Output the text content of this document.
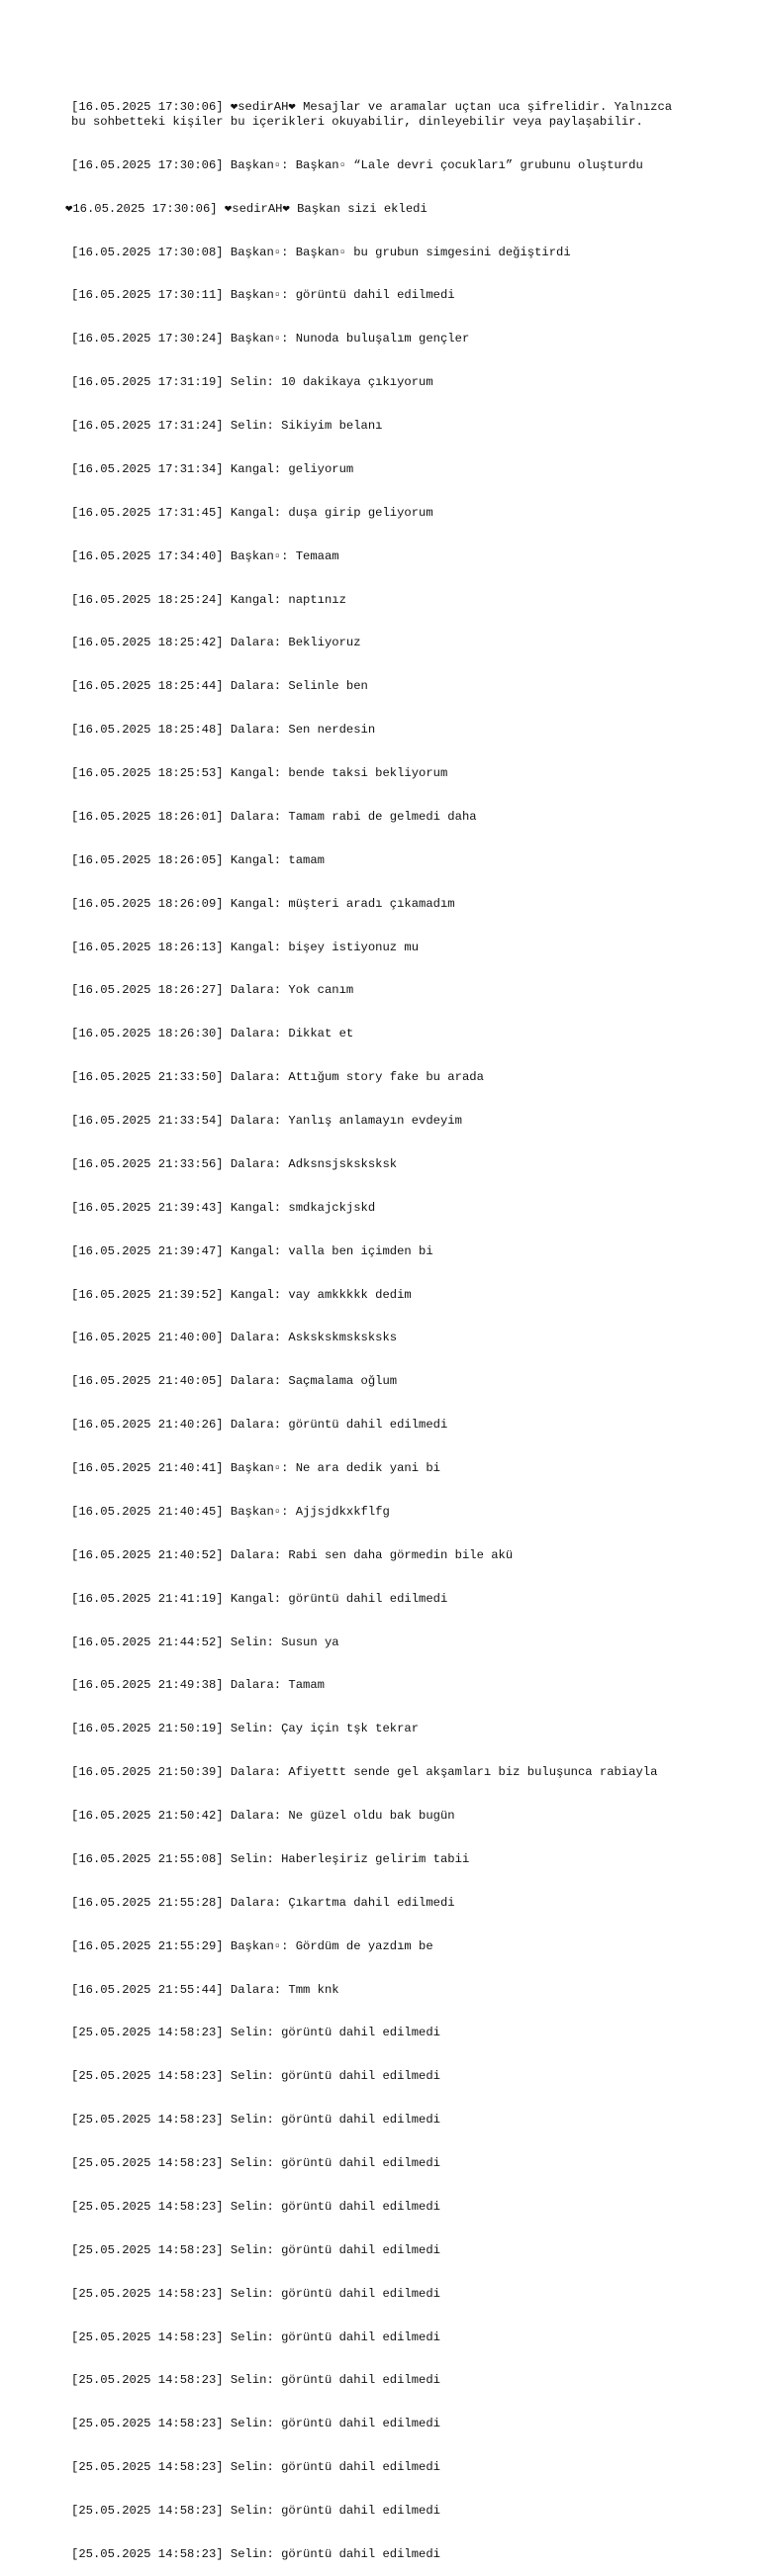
[16.05.2025 17:30:06] ❤sedirAH❤ Mesajlar ve aramalar uçtan uca şifrelidir. Yalnızca bu sohbetteki kişiler bu içerikleri okuyabilir, dinleyebilir veya paylaşabilir.

[16.05.2025 17:30:06] Başkan▫: Başkan▫ “Lale devri çocukları” grubunu oluşturdu

❤16.05.2025 17:30:06] ❤sedirAH❤ Başkan sizi ekledi

[16.05.2025 17:30:08] Başkan▫: Başkan▫ bu grubun simgesini değiştirdi

[16.05.2025 17:30:11] Başkan▫: görüntü dahil edilmedi

[16.05.2025 17:30:24] Başkan▫: Nunoda buluşalım gençler

[16.05.2025 17:31:19] Selin: 10 dakikaya çıkıyorum

[16.05.2025 17:31:24] Selin: Sikiyim belanı

[16.05.2025 17:31:34] Kangal: geliyorum

[16.05.2025 17:31:45] Kangal: duşa girip geliyorum

[16.05.2025 17:34:40] Başkan▫: Temaam

[16.05.2025 18:25:24] Kangal: naptınız

[16.05.2025 18:25:42] Dalara: Bekliyoruz

[16.05.2025 18:25:44] Dalara: Selinle ben

[16.05.2025 18:25:48] Dalara: Sen nerdesin

[16.05.2025 18:25:53] Kangal: bende taksi bekliyorum

[16.05.2025 18:26:01] Dalara: Tamam rabi de gelmedi daha

[16.05.2025 18:26:05] Kangal: tamam

[16.05.2025 18:26:09] Kangal: müşteri aradı çıkamadım

[16.05.2025 18:26:13] Kangal: bişey istiyonuz mu

[16.05.2025 18:26:27] Dalara: Yok canım

[16.05.2025 18:26:30] Dalara: Dikkat et

[16.05.2025 21:33:50] Dalara: Attığum story fake bu arada

[16.05.2025 21:33:54] Dalara: Yanlış anlamayın evdeyim

[16.05.2025 21:33:56] Dalara: Adksnsjsksksksk

[16.05.2025 21:39:43] Kangal: smdkajckjskd

[16.05.2025 21:39:47] Kangal: valla ben içimden bi

[16.05.2025 21:39:52] Kangal: vay amkkkkk dedim

[16.05.2025 21:40:00] Dalara: Askskskmsksksks

[16.05.2025 21:40:05] Dalara: Saçmalama oğlum

[16.05.2025 21:40:26] Dalara: görüntü dahil edilmedi

[16.05.2025 21:40:41] Başkan▫: Ne ara dedik yani bi

[16.05.2025 21:40:45] Başkan▫: Ajjsjdkxkflfg

[16.05.2025 21:40:52] Dalara: Rabi sen daha görmedin bile akü

[16.05.2025 21:41:19] Kangal: görüntü dahil edilmedi

[16.05.2025 21:44:52] Selin: Susun ya

[16.05.2025 21:49:38] Dalara: Tamam

[16.05.2025 21:50:19] Selin: Çay için tşk tekrar

[16.05.2025 21:50:39] Dalara: Afiyettt sende gel akşamları biz buluşunca rabiayla

[16.05.2025 21:50:42] Dalara: Ne güzel oldu bak bugün

[16.05.2025 21:55:08] Selin: Haberleşiriz gelirim tabii

[16.05.2025 21:55:28] Dalara: Çıkartma dahil edilmedi

[16.05.2025 21:55:29] Başkan▫: Gördüm de yazdım be

[16.05.2025 21:55:44] Dalara: Tmm knk

[25.05.2025 14:58:23] Selin: görüntü dahil edilmedi

[25.05.2025 14:58:23] Selin: görüntü dahil edilmedi

[25.05.2025 14:58:23] Selin: görüntü dahil edilmedi

[25.05.2025 14:58:23] Selin: görüntü dahil edilmedi

[25.05.2025 14:58:23] Selin: görüntü dahil edilmedi

[25.05.2025 14:58:23] Selin: görüntü dahil edilmedi

[25.05.2025 14:58:23] Selin: görüntü dahil edilmedi

[25.05.2025 14:58:23] Selin: görüntü dahil edilmedi

[25.05.2025 14:58:23] Selin: görüntü dahil edilmedi

[25.05.2025 14:58:23] Selin: görüntü dahil edilmedi

[25.05.2025 14:58:23] Selin: görüntü dahil edilmedi

[25.05.2025 14:58:23] Selin: görüntü dahil edilmedi

[25.05.2025 14:58:23] Selin: görüntü dahil edilmedi
